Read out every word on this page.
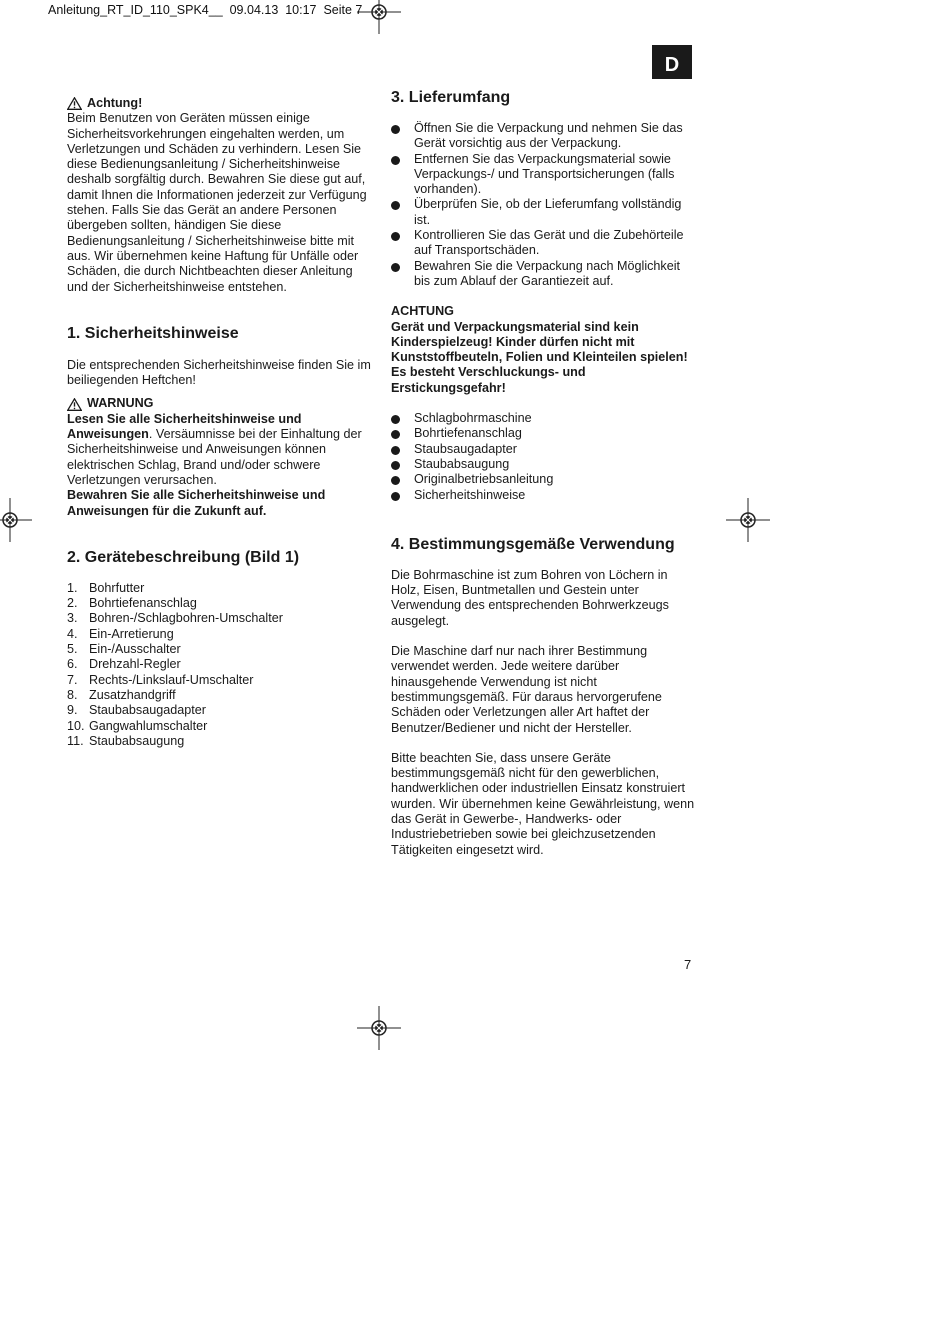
Anleitung_RT_ID_110_SPK4__  09.04.13  10:17  Seite 7
D
Achtung!

Beim Benutzen von Geräten müssen einige Sicherheitsvorkehrungen eingehalten werden, um Verletzungen und Schäden zu verhindern. Lesen Sie diese Bedienungsanleitung / Sicherheitshinweise deshalb sorgfältig durch. Bewahren Sie diese gut auf, damit Ihnen die Informationen jederzeit zur Verfügung stehen. Falls Sie das Gerät an andere Personen übergeben sollten, händigen Sie diese Bedienungsanleitung / Sicherheitshinweise bitte mit aus. Wir übernehmen keine Haftung für Unfälle oder Schäden, die durch Nichtbeachten dieser Anleitung und der Sicherheitshinweise entstehen.

1. Sicherheitshinweise

Die entsprechenden Sicherheitshinweise finden Sie im beiliegenden Heftchen!

WARNUNG

Lesen Sie alle Sicherheitshinweise und Anweisungen. Versäumnisse bei der Einhaltung der Sicherheitshinweise und Anweisungen können elektrischen Schlag, Brand und/oder schwere Verletzungen verursachen.

Bewahren Sie alle Sicherheitshinweise und Anweisungen für die Zukunft auf.

2. Gerätebeschreibung (Bild 1)
1. Bohrfutter
2. Bohrtiefenanschlag
3. Bohren-/Schlagbohren-Umschalter
4. Ein-Arretierung
5. Ein-/Ausschalter
6. Drehzahl-Regler
7. Rechts-/Linkslauf-Umschalter
8. Zusatzhandgriff
9. Staubabsaugadapter
10. Gangwahlumschalter
11. Staubabsaugung
3. Lieferumfang
Öffnen Sie die Verpackung und nehmen Sie das Gerät vorsichtig aus der Verpackung.
Entfernen Sie das Verpackungsmaterial sowie Verpackungs-/ und Transportsicherungen (falls vorhanden).
Überprüfen Sie, ob der Lieferumfang vollständig ist.
Kontrollieren Sie das Gerät und die Zubehörteile auf Transportschäden.
Bewahren Sie die Verpackung nach Möglichkeit bis zum Ablauf der Garantiezeit auf.

ACHTUNG

Gerät und Verpackungsmaterial sind kein Kinderspielzeug! Kinder dürfen nicht mit Kunststoffbeuteln, Folien und Kleinteilen spielen! Es besteht Verschluckungs- und Erstickungsgefahr!

Schlagbohrmaschine
Bohrtiefenanschlag
Staubsaugadapter
Staubabsaugung
Originalbetriebsanleitung
Sicherheitshinweise
4. Bestimmungsgemäße Verwendung

Die Bohrmaschine ist zum Bohren von Löchern in Holz, Eisen, Buntmetallen und Gestein unter Verwendung des entsprechenden Bohrwerkzeugs ausgelegt.

Die Maschine darf nur nach ihrer Bestimmung verwendet werden. Jede weitere darüber hinausgehende Verwendung ist nicht bestimmungsgemäß. Für daraus hervorgerufene Schäden oder Verletzungen aller Art haftet der Benutzer/Bediener und nicht der Hersteller.

Bitte beachten Sie, dass unsere Geräte bestimmungsgemäß nicht für den gewerblichen, handwerklichen oder industriellen Einsatz konstruiert wurden. Wir übernehmen keine Gewährleistung, wenn das Gerät in Gewerbe-, Handwerks- oder Industriebetrieben sowie bei gleichzusetzenden Tätigkeiten eingesetzt wird.

7
